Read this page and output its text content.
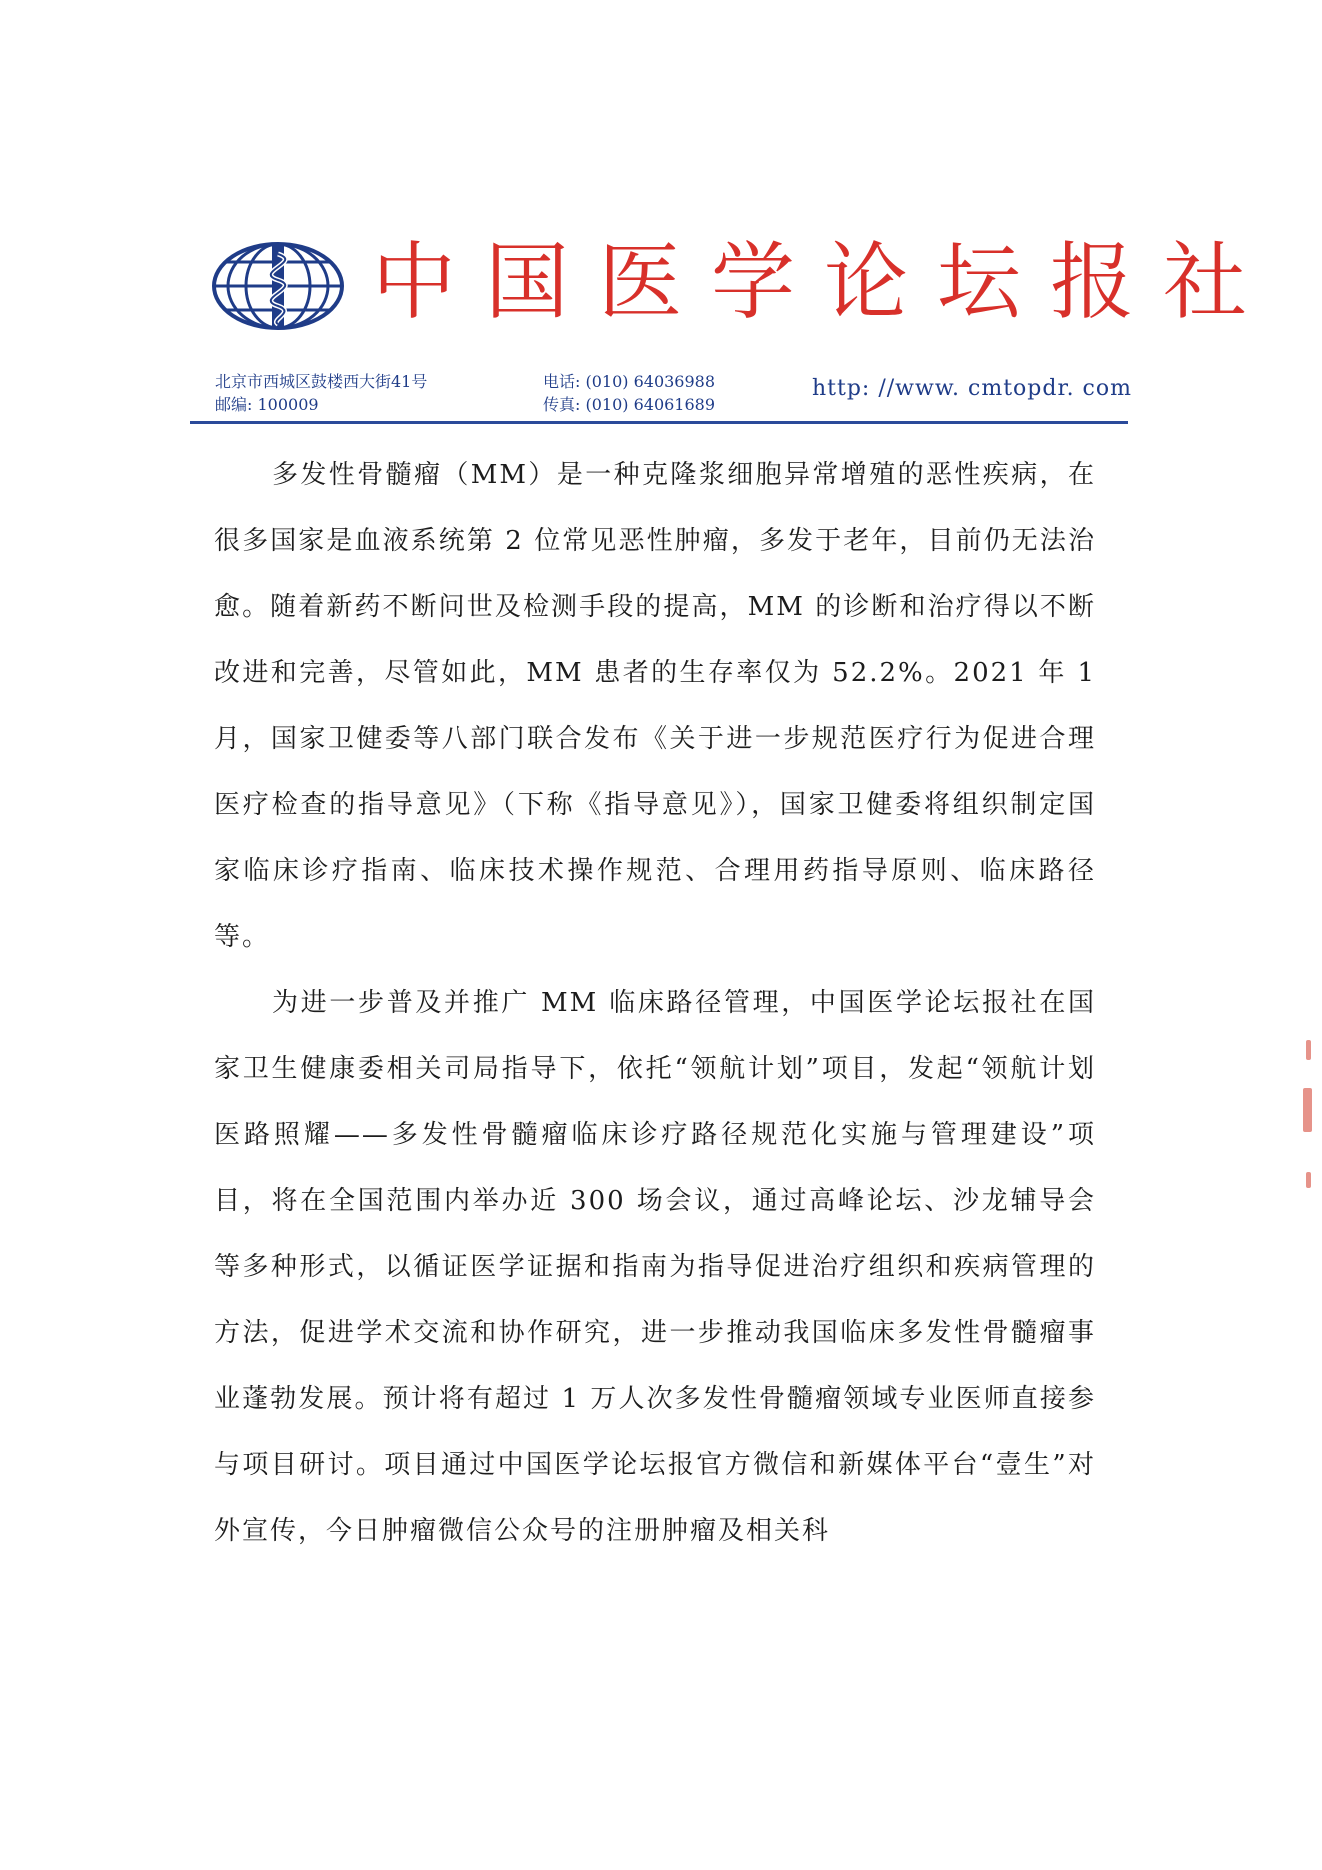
中国医学论坛报社
北京市西城区鼓楼西大街41号
邮编: 100009
电话: (010) 64036988
传真: (010) 64061689
http: //www. cmtopdr. com

多发性骨髓瘤（MM）是一种克隆浆细胞异常增殖的恶性疾病，在很多国家是血液系统第 2 位常见恶性肿瘤，多发于老年，目前仍无法治愈。随着新药不断问世及检测手段的提高，MM 的诊断和治疗得以不断改进和完善，尽管如此，MM 患者的生存率仅为 52.2%。2021 年 1 月，国家卫健委等八部门联合发布《关于进一步规范医疗行为促进合理医疗检查的指导意见》（下称《指导意见》），国家卫健委将组织制定国家临床诊疗指南、临床技术操作规范、合理用药指导原则、临床路径等。

为进一步普及并推广 MM 临床路径管理，中国医学论坛报社在国家卫生健康委相关司局指导下，依托“领航计划”项目，发起“领航计划 医路照耀——多发性骨髓瘤临床诊疗路径规范化实施与管理建设”项目，将在全国范围内举办近 300 场会议，通过高峰论坛、沙龙辅导会等多种形式，以循证医学证据和指南为指导促进治疗组织和疾病管理的方法，促进学术交流和协作研究，进一步推动我国临床多发性骨髓瘤事业蓬勃发展。预计将有超过 1 万人次多发性骨髓瘤领域专业医师直接参与项目研讨。项目通过中国医学论坛报官方微信和新媒体平台“壹生”对外宣传，今日肿瘤微信公众号的注册肿瘤及相关科
